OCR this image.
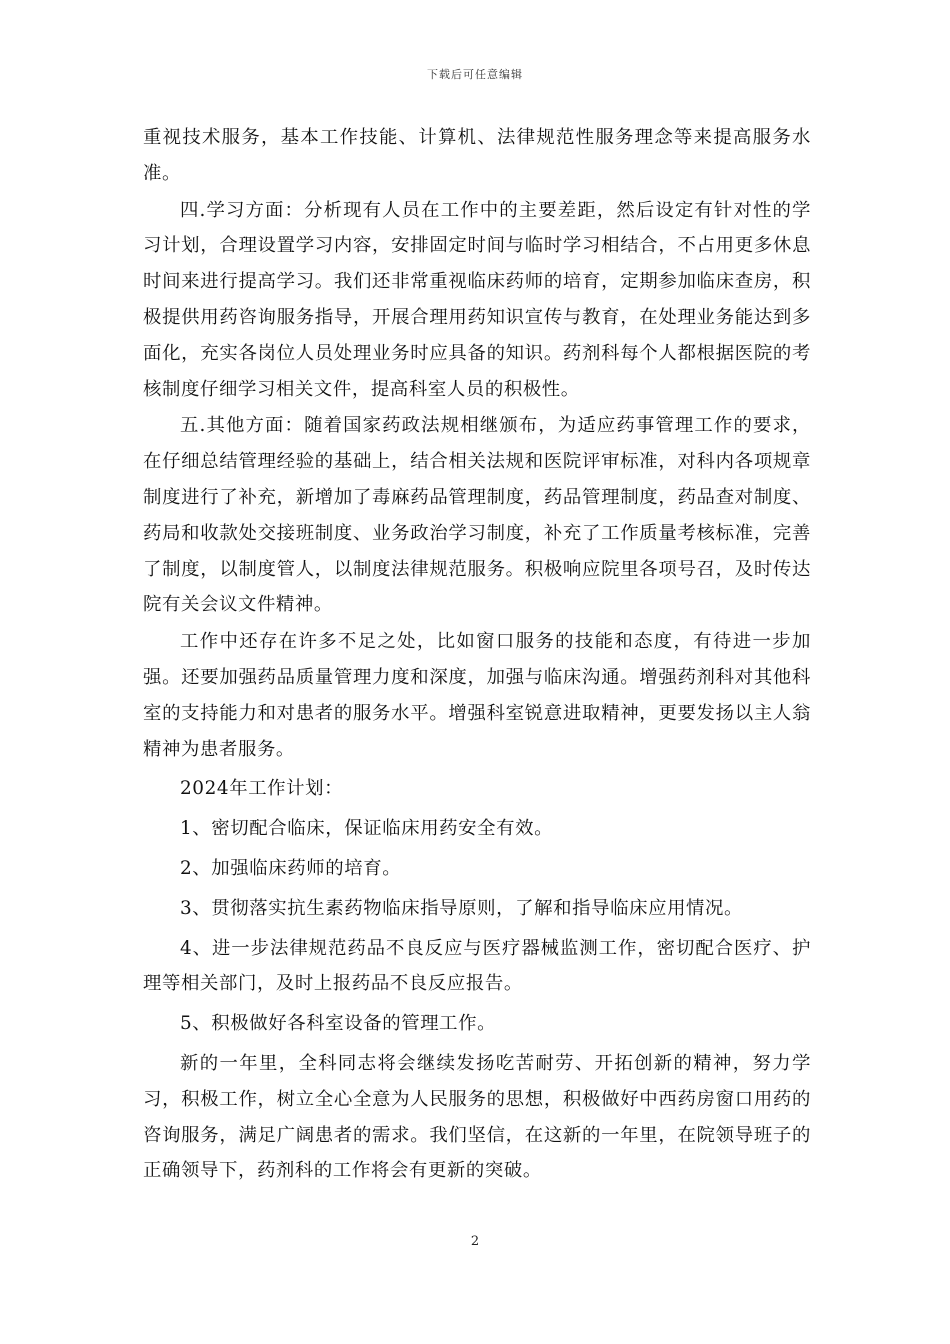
下载后可任意编辑

重视技术服务，基本工作技能、计算机、法律规范性服务理念等来提高服务水准。

四.学习方面：分析现有人员在工作中的主要差距，然后设定有针对性的学习计划，合理设置学习内容，安排固定时间与临时学习相结合，不占用更多休息时间来进行提高学习。我们还非常重视临床药师的培育，定期参加临床查房，积极提供用药咨询服务指导，开展合理用药知识宣传与教育，在处理业务能达到多面化，充实各岗位人员处理业务时应具备的知识。药剂科每个人都根据医院的考核制度仔细学习相关文件，提高科室人员的积极性。

五.其他方面：随着国家药政法规相继颁布，为适应药事管理工作的要求，在仔细总结管理经验的基础上，结合相关法规和医院评审标准，对科内各项规章制度进行了补充，新增加了毒麻药品管理制度，药品管理制度，药品查对制度、药局和收款处交接班制度、业务政治学习制度，补充了工作质量考核标准，完善了制度，以制度管人，以制度法律规范服务。积极响应院里各项号召，及时传达院有关会议文件精神。

工作中还存在许多不足之处，比如窗口服务的技能和态度，有待进一步加强。还要加强药品质量管理力度和深度，加强与临床沟通。增强药剂科对其他科室的支持能力和对患者的服务水平。增强科室锐意进取精神，更要发扬以主人翁精神为患者服务。

2024年工作计划：

1、密切配合临床，保证临床用药安全有效。

2、加强临床药师的培育。

3、贯彻落实抗生素药物临床指导原则，了解和指导临床应用情况。

4、进一步法律规范药品不良反应与医疗器械监测工作，密切配合医疗、护理等相关部门，及时上报药品不良反应报告。

5、积极做好各科室设备的管理工作。

新的一年里，全科同志将会继续发扬吃苦耐劳、开拓创新的精神，努力学习，积极工作，树立全心全意为人民服务的思想，积极做好中西药房窗口用药的咨询服务，满足广阔患者的需求。我们坚信，在这新的一年里，在院领导班子的正确领导下，药剂科的工作将会有更新的突破。

2
